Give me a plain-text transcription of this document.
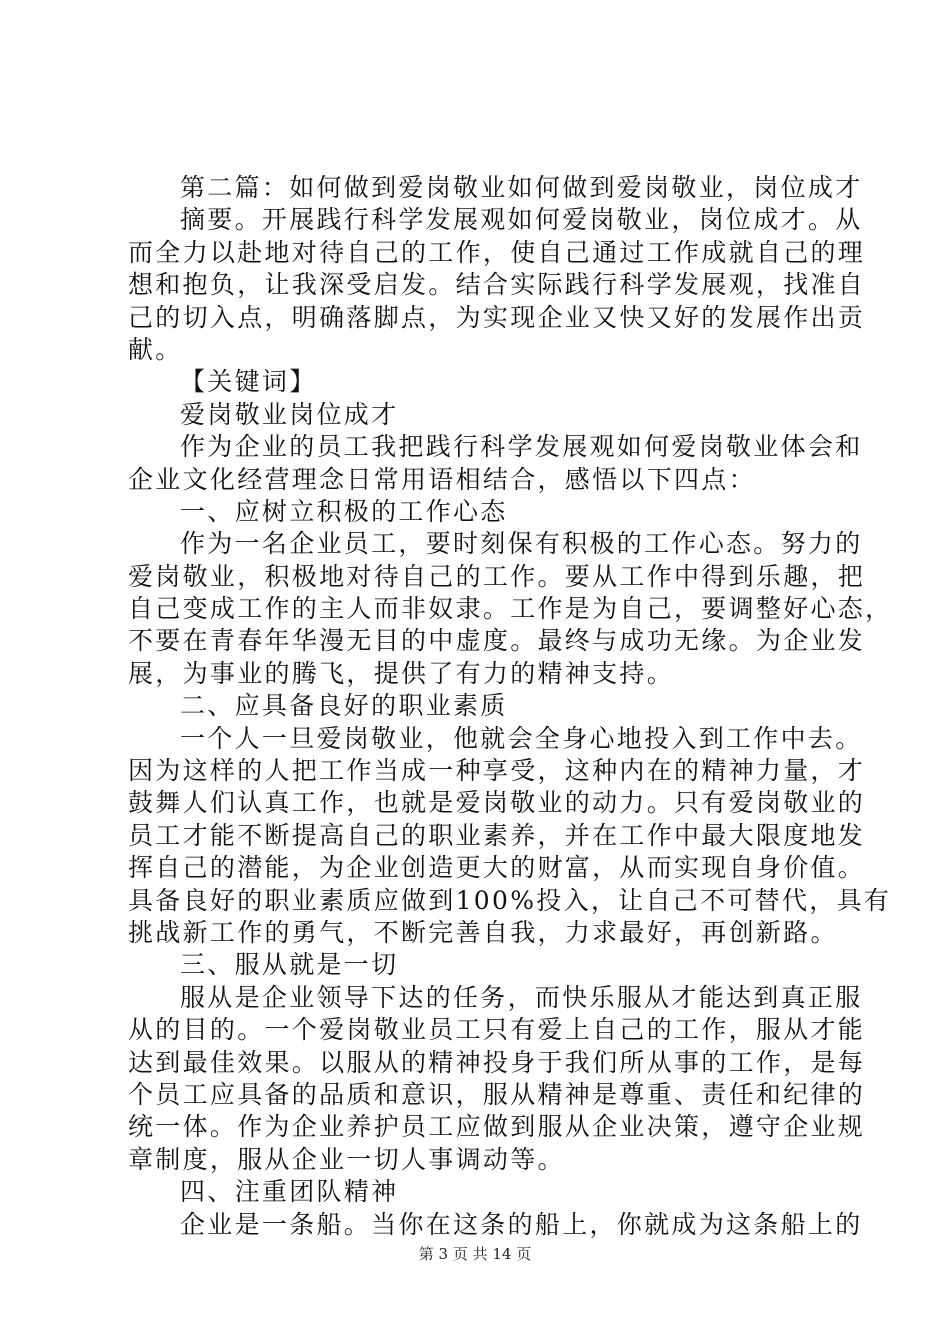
第二篇：如何做到爱岗敬业如何做到爱岗敬业，岗位成才
摘要。开展践行科学发展观如何爱岗敬业，岗位成才。从
而全力以赴地对待自己的工作，使自己通过工作成就自己的理
想和抱负，让我深受启发。结合实际践行科学发展观，找准自
己的切入点，明确落脚点，为实现企业又快又好的发展作出贡
献。
【关键词】
爱岗敬业岗位成才
作为企业的员工我把践行科学发展观如何爱岗敬业体会和
企业文化经营理念日常用语相结合，感悟以下四点：
一、应树立积极的工作心态
作为一名企业员工，要时刻保有积极的工作心态。努力的
爱岗敬业，积极地对待自己的工作。要从工作中得到乐趣，把
自己变成工作的主人而非奴隶。工作是为自己，要调整好心态，
不要在青春年华漫无目的中虚度。最终与成功无缘。为企业发
展，为事业的腾飞，提供了有力的精神支持。
二、应具备良好的职业素质
一个人一旦爱岗敬业，他就会全身心地投入到工作中去。
因为这样的人把工作当成一种享受，这种内在的精神力量，才
鼓舞人们认真工作，也就是爱岗敬业的动力。只有爱岗敬业的
员工才能不断提高自己的职业素养，并在工作中最大限度地发
挥自己的潜能，为企业创造更大的财富，从而实现自身价值。
具备良好的职业素质应做到100%投入，让自己不可替代，具有
挑战新工作的勇气，不断完善自我，力求最好，再创新路。
三、服从就是一切
服从是企业领导下达的任务，而快乐服从才能达到真正服
从的目的。一个爱岗敬业员工只有爱上自己的工作，服从才能
达到最佳效果。以服从的精神投身于我们所从事的工作，是每
个员工应具备的品质和意识，服从精神是尊重、责任和纪律的
统一体。作为企业养护员工应做到服从企业决策，遵守企业规
章制度，服从企业一切人事调动等。
四、注重团队精神
企业是一条船。当你在这条的船上，你就成为这条船上的
第 3 页 共 14 页
